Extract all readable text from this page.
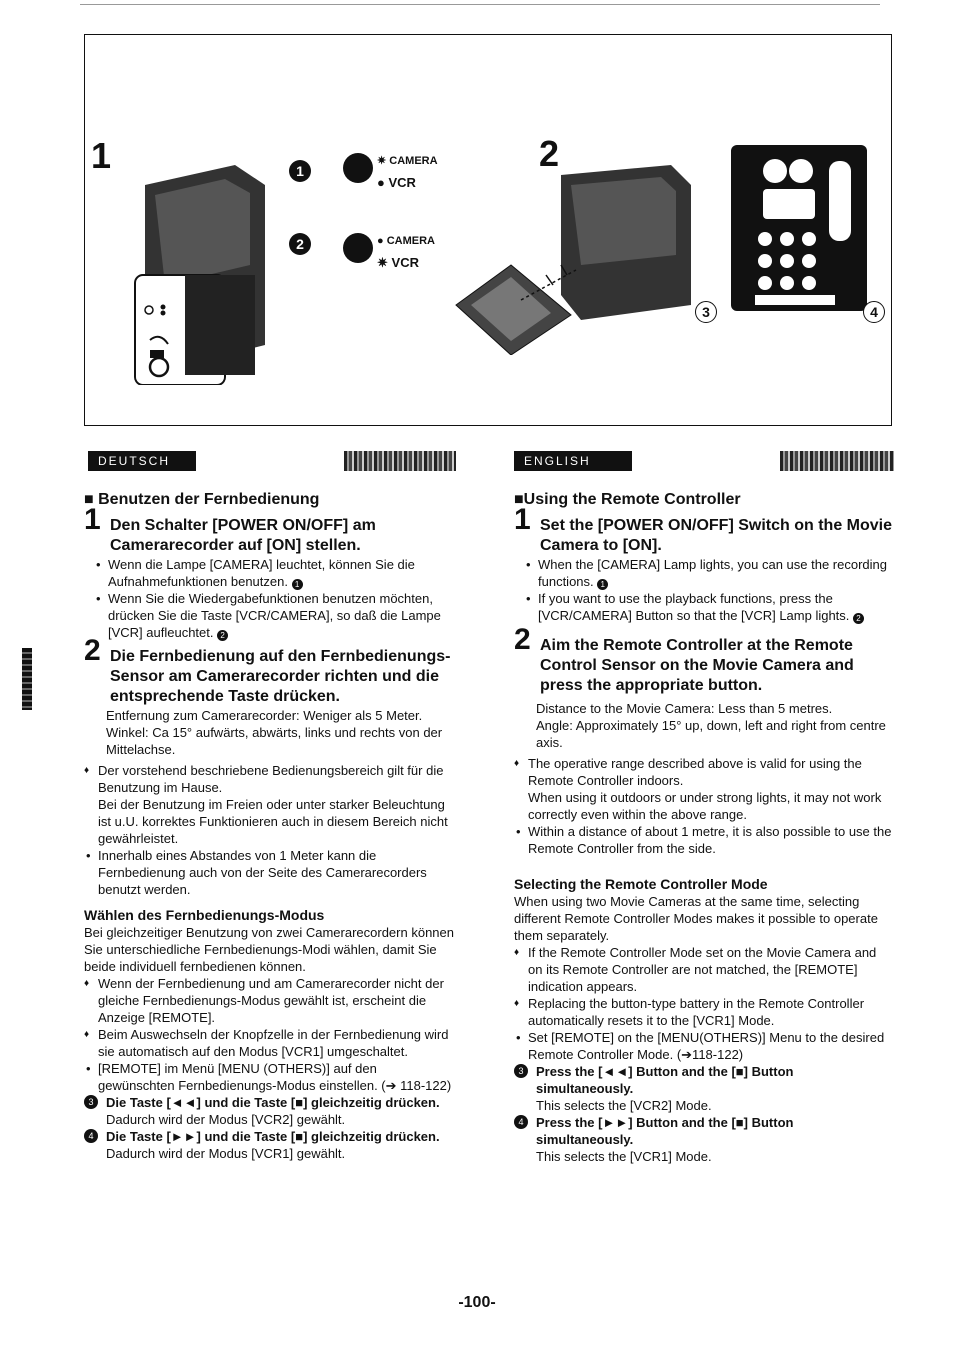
1	1
✷ CAMERA
● VCR
2	● CAMERA
✷ VCR
2
3	4
DEUTSCH

■ Benutzen der Fernbedienung

1 Den Schalter [POWER ON/OFF] am Camerarecorder auf [ON] stellen.

• Wenn die Lampe [CAMERA] leuchtet, können Sie die Aufnahmefunktionen benutzen. 1

• Wenn Sie die Wiedergabefunktionen benutzen möchten, drücken Sie die Taste [VCR/CAMERA], so daß die Lampe [VCR] aufleuchtet. 2

2 Die Fernbedienung auf den Fernbedienungs-Sensor am Camerarecorder richten und die entsprechende Taste drücken.

Entfernung zum Camerarecorder: Weniger als 5 Meter.

Winkel: Ca 15° aufwärts, abwärts, links und rechts von der Mittelachse.

♦ Der vorstehend beschriebene Bedienungsbereich gilt für die Benutzung im Hause.

Bei der Benutzung im Freien oder unter starker Beleuchtung ist u.U. korrektes Funktionieren auch in diesem Bereich nicht gewährleistet.

• Innerhalb eines Abstandes von 1 Meter kann die Fernbedienung auch von der Seite des Camerarecorders benutzt werden.

Wählen des Fernbedienungs-Modus

Bei gleichzeitiger Benutzung von zwei Camerarecordern können Sie unterschiedliche Fernbedienungs-Modi wählen, damit Sie beide individuell fernbedienen können.

♦ Wenn der Fernbedienung und am Camerarecorder nicht der gleiche Fernbedienungs-Modus gewählt ist, erscheint die Anzeige [REMOTE].

♦ Beim Auswechseln der Knopfzelle in der Fernbedienung wird sie automatisch auf den Modus [VCR1] umgeschaltet.

• [REMOTE] im Menü [MENU (OTHERS)] auf den gewünschten Fernbedienungs-Modus einstellen. (➔ 118-122)

3 Die Taste [◄◄] und die Taste [■] gleichzeitig drücken.

Dadurch wird der Modus [VCR2] gewählt.

4 Die Taste [►►] und die Taste [■] gleichzeitig drücken.

Dadurch wird der Modus [VCR1] gewählt.

ENGLISH

■Using the Remote Controller

1 Set the [POWER ON/OFF] Switch on the Movie Camera to [ON].

• When the [CAMERA] Lamp lights, you can use the recording functions. 1

• If you want to use the playback functions, press the [VCR/CAMERA] Button so that the [VCR] Lamp lights. 2

2 Aim the Remote Controller at the Remote Control Sensor on the Movie Camera and press the appropriate button.

Distance to the Movie Camera: Less than 5 metres.

Angle: Approximately 15° up, down, left and right from centre axis.

♦ The operative range described above is valid for using the Remote Controller indoors.

When using it outdoors or under strong lights, it may not work correctly even within the above range.

• Within a distance of about 1 metre, it is also possible to use the Remote Controller from the side.

Selecting the Remote Controller Mode

When using two Movie Cameras at the same time, selecting different Remote Controller Modes makes it possible to operate them separately.

♦ If the Remote Controller Mode set on the Movie Camera and on its Remote Controller are not matched, the [REMOTE] indication appears.

♦ Replacing the button-type battery in the Remote Controller automatically resets it to the [VCR1] Mode.

• Set [REMOTE] on the [MENU(OTHERS)] Menu to the desired Remote Controller Mode. (➔118-122)

3 Press the [◄◄] Button and the [■] Button simultaneously.

This selects the [VCR2] Mode.

4 Press the [►►] Button and the [■] Button simultaneously.

This selects the [VCR1] Mode.

-100-
